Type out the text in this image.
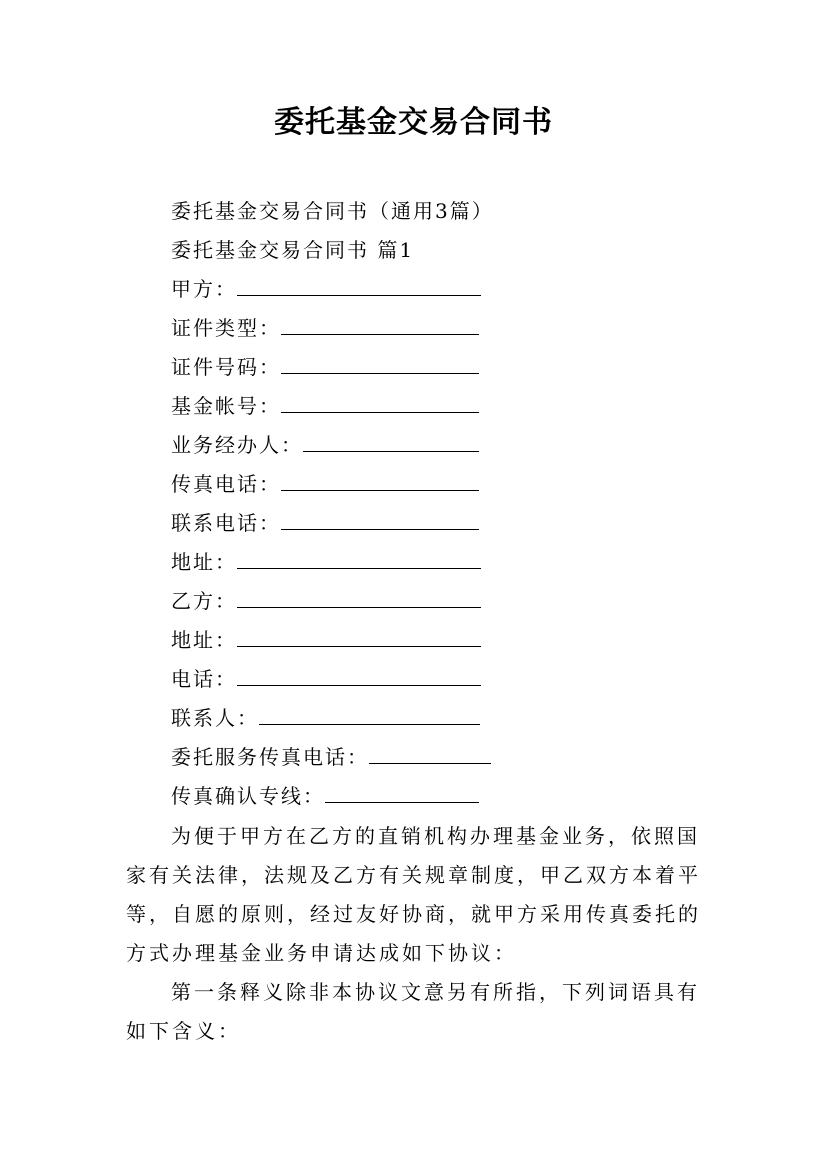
委托基金交易合同书
委托基金交易合同书（通用3篇）
委托基金交易合同书 篇1
甲方：
证件类型：
证件号码：
基金帐号：
业务经办人：
传真电话：
联系电话：
地址：
乙方：
地址：
电话：
联系人：
委托服务传真电话：
传真确认专线：
为便于甲方在乙方的直销机构办理基金业务，依照国家有关法律，法规及乙方有关规章制度，甲乙双方本着平等，自愿的原则，经过友好协商，就甲方采用传真委托的方式办理基金业务申请达成如下协议：
第一条释义除非本协议文意另有所指，下列词语具有如下含义：
